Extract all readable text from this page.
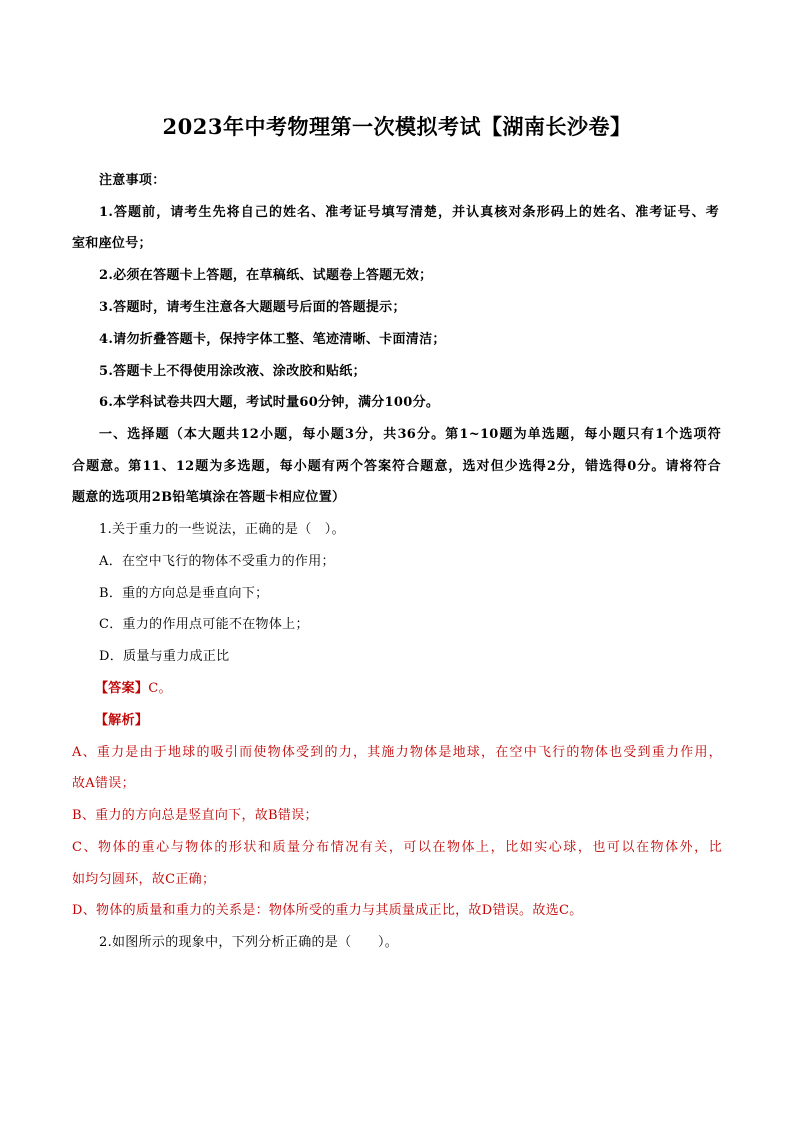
2023年中考物理第一次模拟考试【湖南长沙卷】
注意事项：
1.答题前，请考生先将自己的姓名、准考证号填写清楚，并认真核对条形码上的姓名、准考证号、考
室和座位号；
2.必须在答题卡上答题，在草稿纸、试题卷上答题无效；
3.答题时，请考生注意各大题题号后面的答题提示；
4.请勿折叠答题卡，保持字体工整、笔迹清晰、卡面清洁；
5.答题卡上不得使用涂改液、涂改胶和贴纸；
6.本学科试卷共四大题，考试时量60分钟，满分100分。
一、选择题（本大题共12小题，每小题3分，共36分。第1~10题为单选题，每小题只有1个选项符
合题意。第11、12题为多选题，每小题有两个答案符合题意，选对但少选得2分，错选得0分。请将符合
题意的选项用2B铅笔填涂在答题卡相应位置）
1.关于重力的一些说法，正确的是（　）。
A．在空中飞行的物体不受重力的作用；
B．重的方向总是垂直向下；
C．重力的作用点可能不在物体上；
D．质量与重力成正比
【答案】C。
【解析】
A、重力是由于地球的吸引而使物体受到的力，其施力物体是地球，在空中飞行的物体也受到重力作用，
故A错误；
B、重力的方向总是竖直向下，故B错误；
C、物体的重心与物体的形状和质量分布情况有关，可以在物体上，比如实心球，也可以在物体外，比
如均匀圆环，故C正确；
D、物体的质量和重力的关系是：物体所受的重力与其质量成正比，故D错误。故选C。
2.如图所示的现象中，下列分析正确的是（　　）。
